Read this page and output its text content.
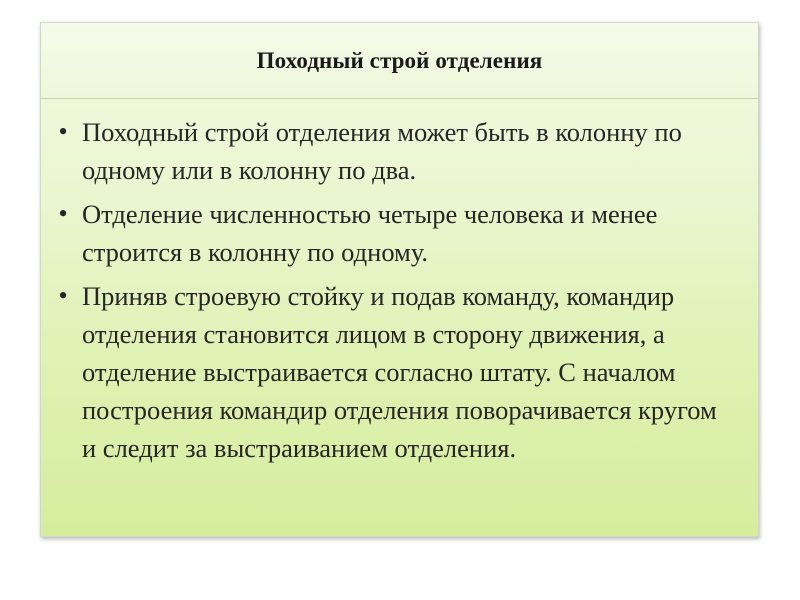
Походный строй отделения
• Походный строй отделения может быть в колонну по одному или в колонну по два.
• Отделение численностью четыре человека и менее строится в колонну по одному.
• Приняв строевую стойку и подав команду, командир отделения становится лицом в сторону движения, а отделение выстраивается согласно штату. С началом построения командир отделения поворачивается кругом и следит за выстраиванием отделения.
